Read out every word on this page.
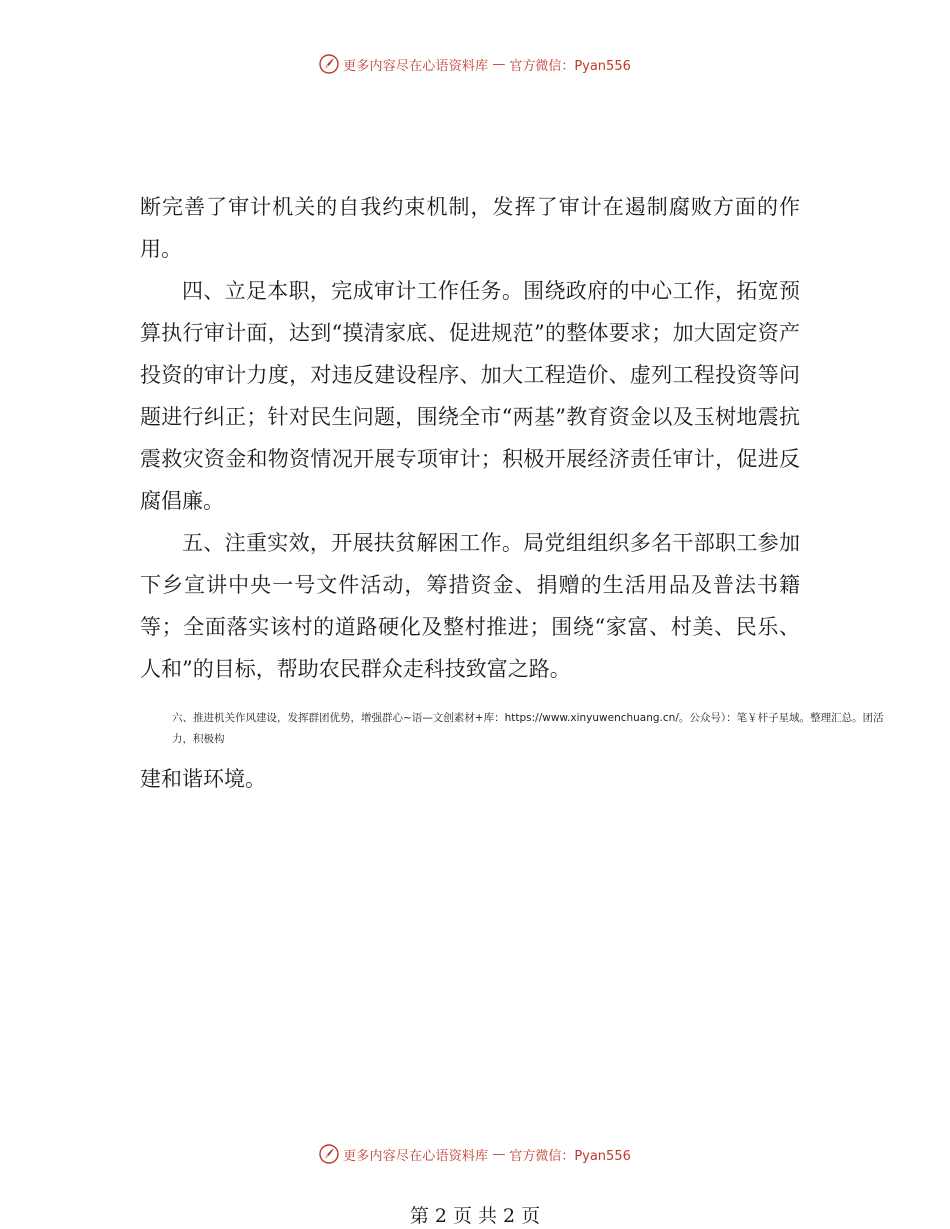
更多内容尽在心语资料库 — 官方微信：Pyan556

断完善了审计机关的自我约束机制，发挥了审计在遏制腐败方面的作用。

四、立足本职，完成审计工作任务。围绕政府的中心工作，拓宽预算执行审计面，达到“摸清家底、促进规范”的整体要求；加大固定资产投资的审计力度，对违反建设程序、加大工程造价、虚列工程投资等问题进行纠正；针对民生问题，围绕全市“两基”教育资金以及玉树地震抗震救灾资金和物资情况开展专项审计；积极开展经济责任审计，促进反腐倡廉。

五、注重实效，开展扶贫解困工作。局党组组织多名干部职工参加下乡宣讲中央一号文件活动，筹措资金、捐赠的生活用品及普法书籍等；全面落实该村的道路硬化及整村推进；围绕“家富、村美、民乐、人和”的目标，帮助农民群众走科技致富之路。

六、推进机关作风建设，发挥群团优势，增强群心~语—文创素材+库：https://www.xinyuwenchuang.cn/。公众号）：笔￥杆子星域。整理汇总。团活力，积极构

建和谐环境。

更多内容尽在心语资料库 — 官方微信：Pyan556
第 2 页 共 2 页
